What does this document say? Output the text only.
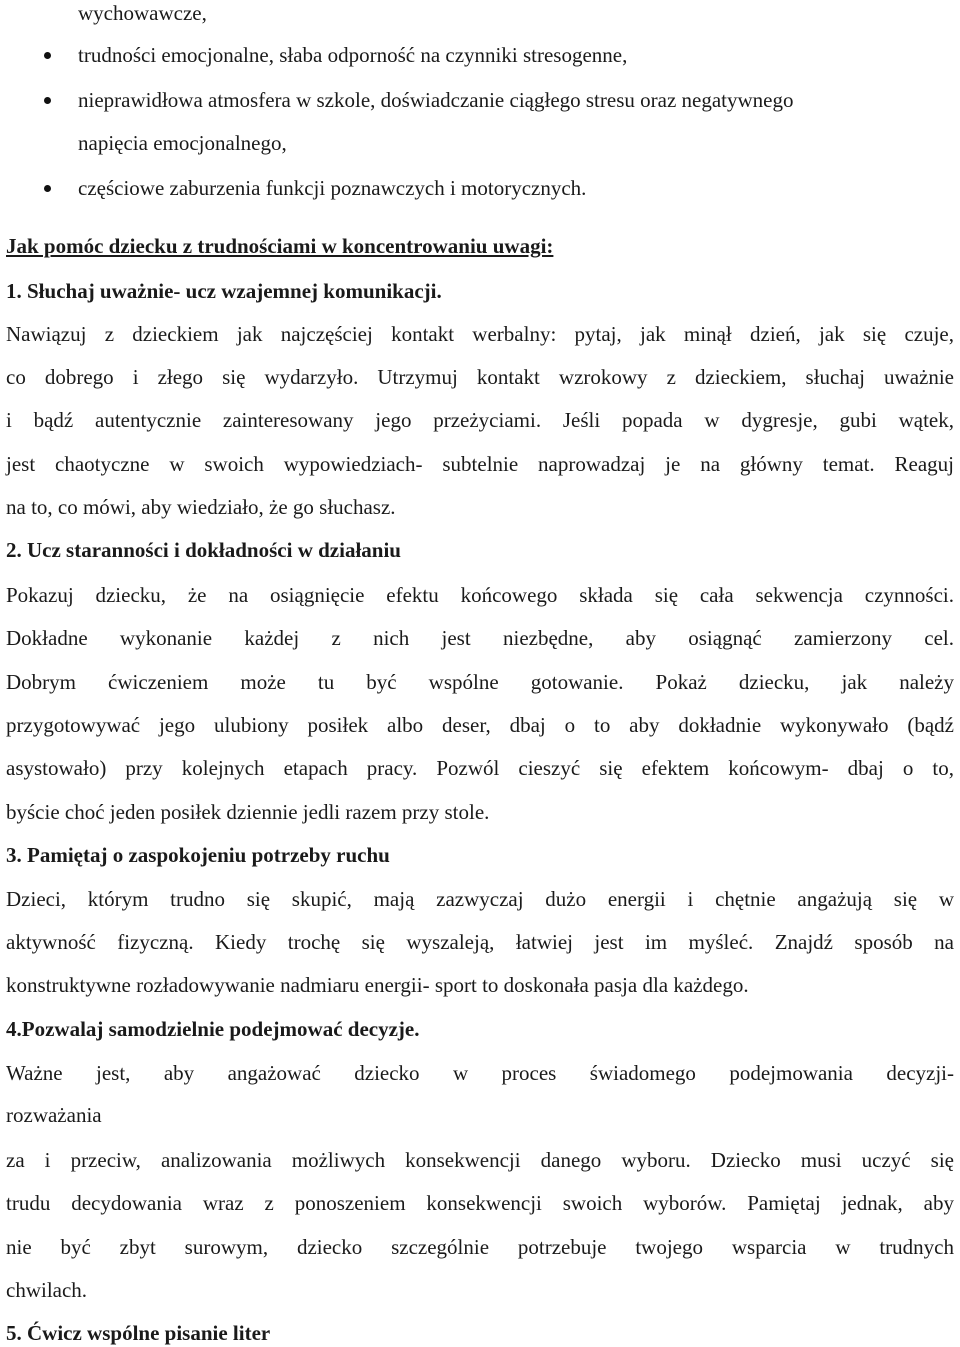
wychowawcze,
trudności emocjonalne, słaba odporność na czynniki stresogenne,
nieprawidłowa atmosfera w szkole, doświadczanie ciągłego stresu oraz negatywnego
napięcia emocjonalnego,
częściowe zaburzenia funkcji poznawczych i motorycznych.
Jak pomóc dziecku z trudnościami w koncentrowaniu uwagi:
1. Słuchaj uważnie- ucz wzajemnej komunikacji.
Nawiązuj z dzieckiem jak najczęściej kontakt werbalny: pytaj, jak minął dzień, jak się czuje,
co dobrego i złego się wydarzyło. Utrzymuj kontakt wzrokowy z dzieckiem, słuchaj uważnie
i bądź autentycznie zainteresowany jego przeżyciami. Jeśli popada w dygresje, gubi wątek,
jest chaotyczne w swoich wypowiedziach- subtelnie naprowadzaj je na główny temat. Reaguj
na to, co mówi, aby wiedziało, że go słuchasz.
2. Ucz staranności i dokładności w działaniu
Pokazuj dziecku, że na osiągnięcie efektu końcowego składa się cała sekwencja czynności.
Dokładne wykonanie każdej z nich jest niezbędne, aby osiągnąć zamierzony cel.
Dobrym ćwiczeniem może tu być wspólne gotowanie. Pokaż dziecku, jak należy
przygotowywać jego ulubiony posiłek albo deser, dbaj o to aby dokładnie wykonywało (bądź
asystowało) przy kolejnych etapach pracy. Pozwól cieszyć się efektem końcowym- dbaj o to,
byście choć jeden posiłek dziennie jedli razem przy stole.
3. Pamiętaj o zaspokojeniu potrzeby ruchu
Dzieci, którym trudno się skupić, mają zazwyczaj dużo energii i chętnie angażują się w
aktywność fizyczną. Kiedy trochę się wyszaleją, łatwiej jest im myśleć. Znajdź sposób na
konstruktywne rozładowywanie nadmiaru energii- sport to doskonała pasja dla każdego.
4.Pozwalaj samodzielnie podejmować decyzje.
Ważne jest, aby angażować dziecko w proces świadomego podejmowania decyzji-
rozważania
za i przeciw, analizowania możliwych konsekwencji danego wyboru. Dziecko musi uczyć się
trudu decydowania wraz z ponoszeniem konsekwencji swoich wyborów. Pamiętaj jednak, aby
nie być zbyt surowym, dziecko szczególnie potrzebuje twojego wsparcia w trudnych
chwilach.
5. Ćwicz wspólne pisanie liter
